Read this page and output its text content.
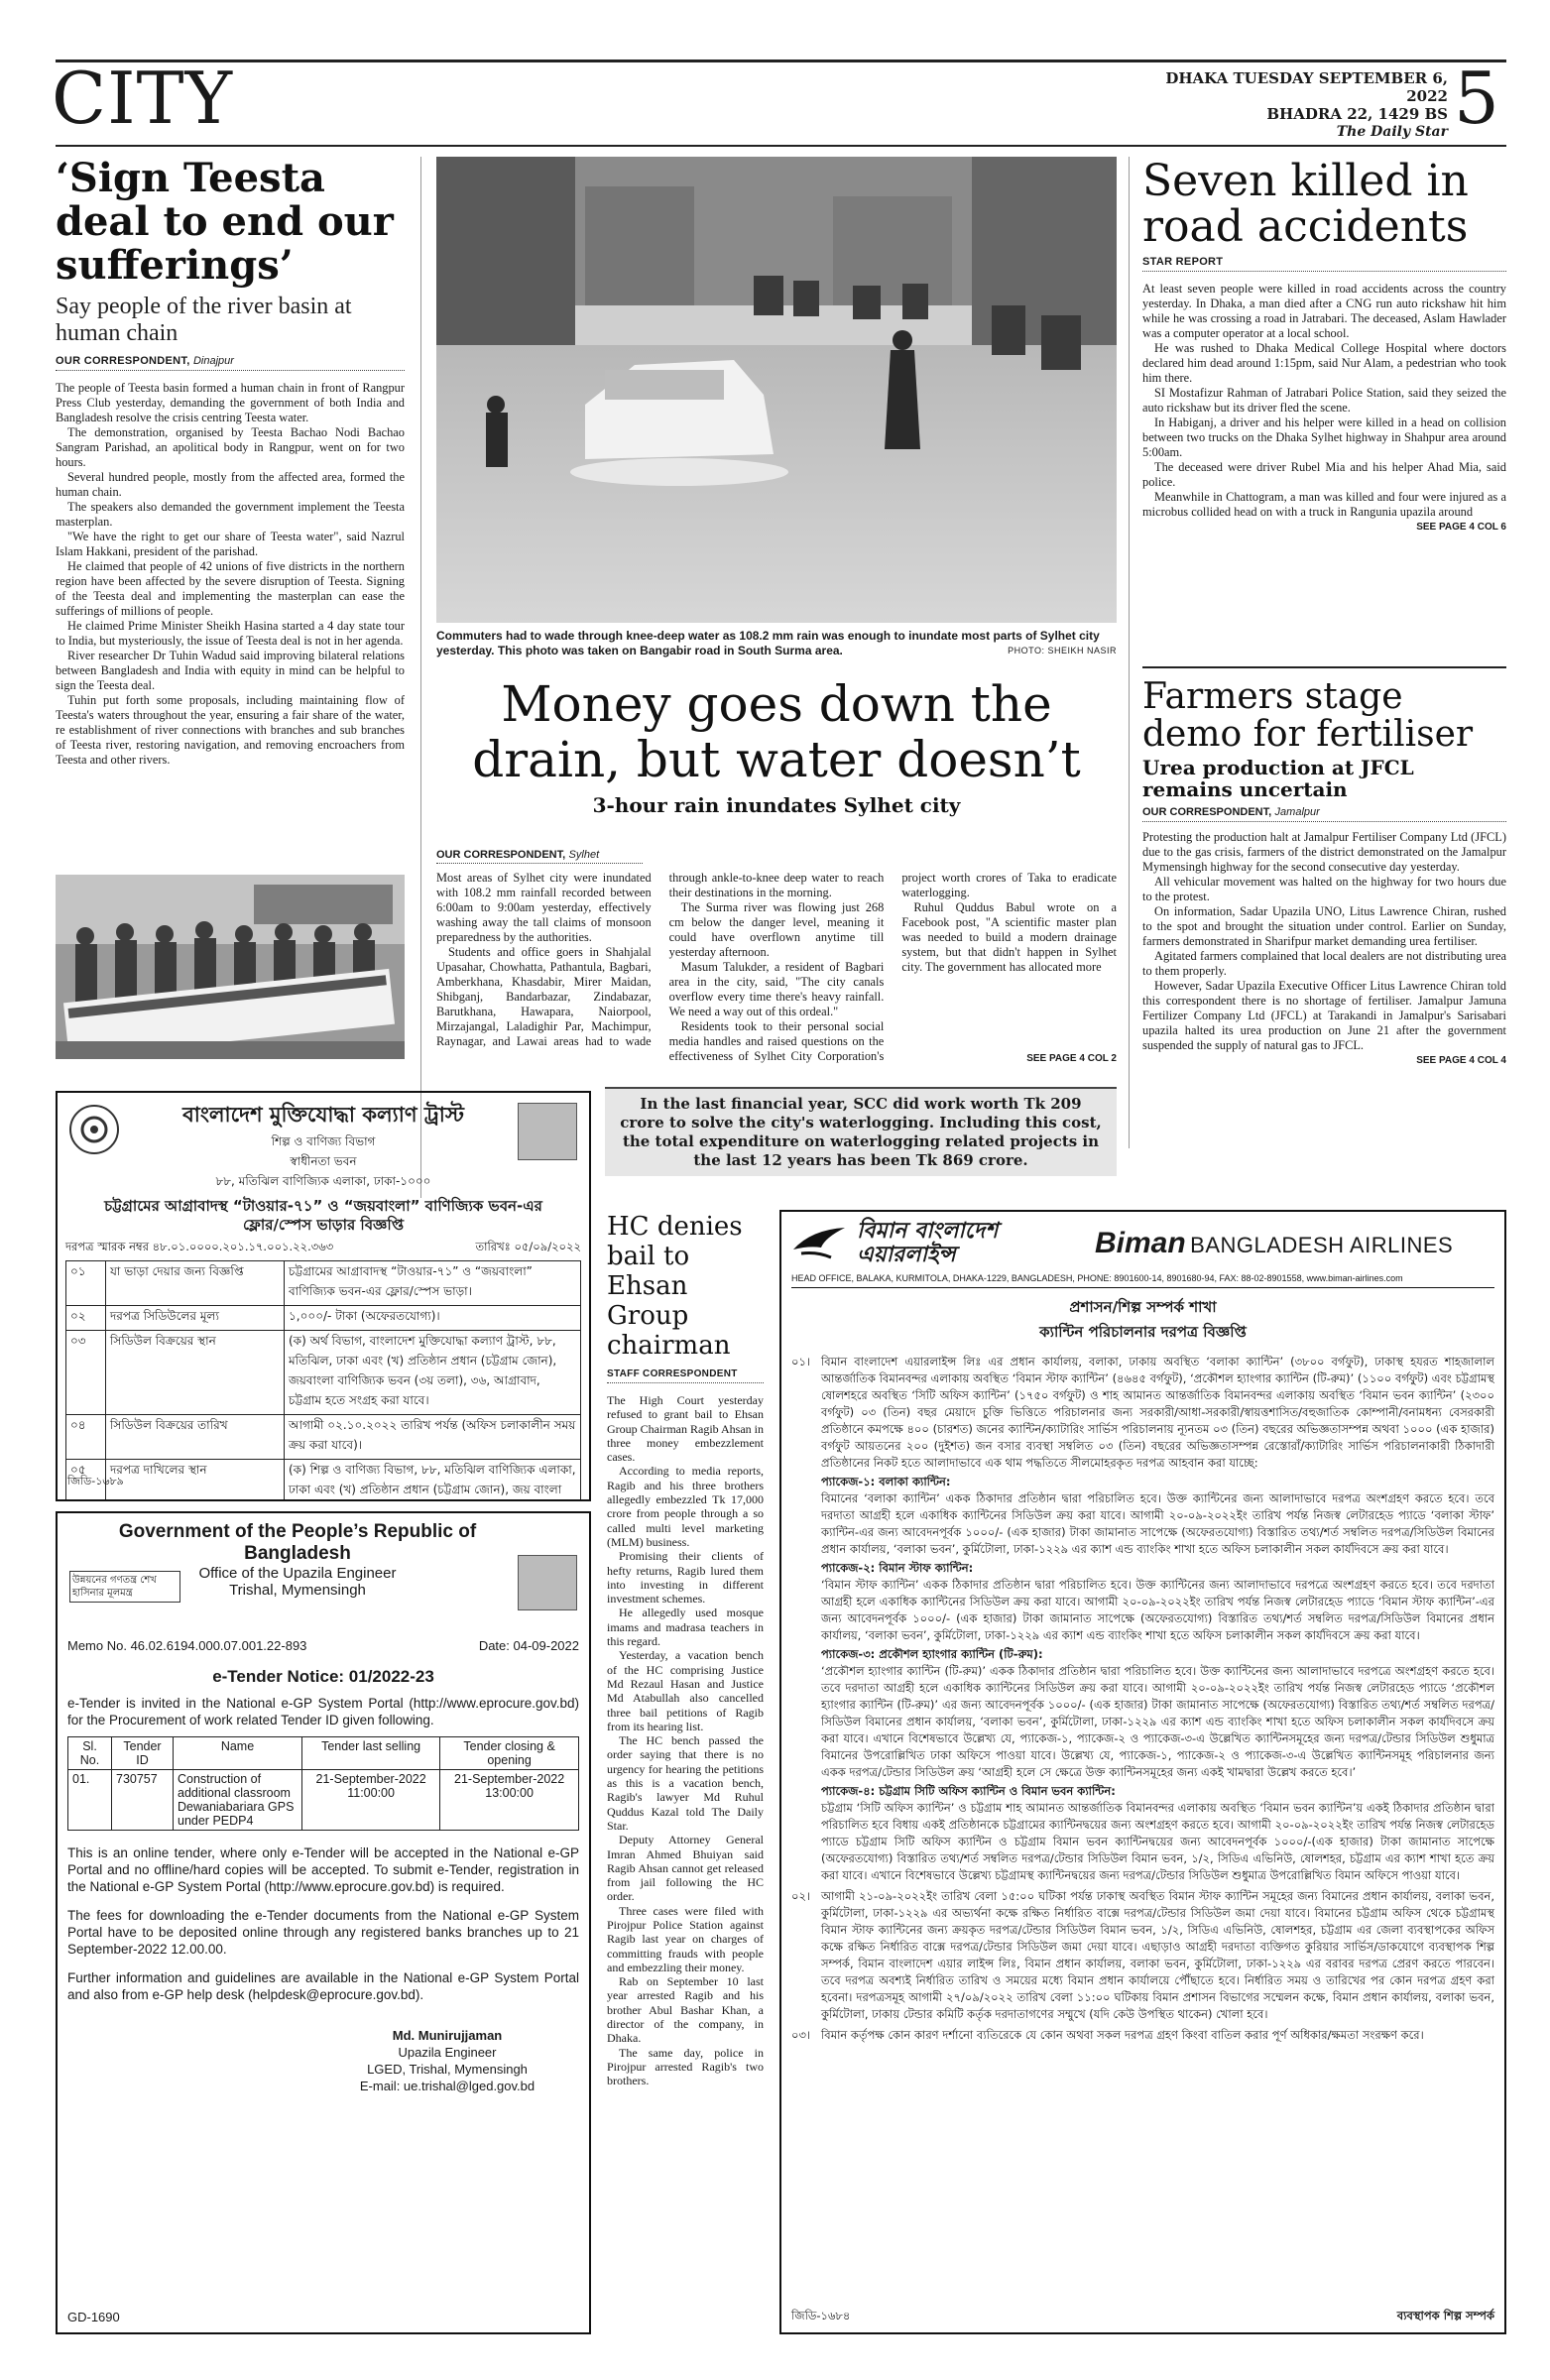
CITY	DHAKA TUESDAY SEPTEMBER 6, 2022
BHADRA 22, 1429 BS
The Daily Star 5
‘Sign Teesta deal to end our sufferings’
Say people of the river basin at human chain
OUR CORRESPONDENT, Dinajpur

The people of Teesta basin formed a human chain in front of Rangpur Press Club yesterday, demanding the government of both India and Bangladesh resolve the crisis centring Teesta water.

The demonstration, organised by Teesta Bachao Nodi Bachao Sangram Parishad, an apolitical body in Rangpur, went on for two hours.

Several hundred people, mostly from the affected area, formed the human chain.

The speakers also demanded the government implement the Teesta masterplan.

"We have the right to get our share of Teesta water", said Nazrul Islam Hakkani, president of the parishad.

He claimed that people of 42 unions of five districts in the northern region have been affected by the severe disruption of Teesta. Signing of the Teesta deal and implementing the masterplan can ease the sufferings of millions of people.

He claimed Prime Minister Sheikh Hasina started a 4 day state tour to India, but mysteriously, the issue of Teesta deal is not in her agenda.

River researcher Dr Tuhin Wadud said improving bilateral relations between Bangladesh and India with equity in mind can be helpful to sign the Teesta deal.

Tuhin put forth some proposals, including maintaining flow of Teesta's waters throughout the year, ensuring a fair share of the water, re establishment of river connections with branches and sub branches of Teesta river, restoring navigation, and removing encroachers from Teesta and other rivers.

Commuters had to wade through knee-deep water as 108.2 mm rain was enough to inundate most parts of Sylhet city yesterday. This photo was taken on Bangabir road in South Surma area.	PHOTO: SHEIKH NASIR
Money goes down the drain, but water doesn’t
3-hour rain inundates Sylhet city
OUR CORRESPONDENT, Sylhet

Most areas of Sylhet city were inundated with 108.2 mm rainfall recorded between 6:00am to 9:00am yesterday, effectively washing away the tall claims of monsoon preparedness by the authorities.

Students and office goers in Shahjalal Upasahar, Chowhatta, Pathantula, Bagbari, Amberkhana, Khasdabir, Mirer Maidan, Shibganj, Bandarbazar, Zindabazar, Barutkhana, Hawapara, Naiorpool, Mirzajangal, Laladighir Par, Machimpur, Raynagar, and Lawai areas had to wade through ankle-to-knee deep water to reach their destinations in the morning.

The Surma river was flowing just 268 cm below the danger level, meaning it could have overflown anytime till yesterday afternoon.

Masum Talukder, a resident of Bagbari area in the city, said, "The city canals overflow every time there's heavy rainfall. We need a way out of this ordeal."

Residents took to their personal social media handles and raised questions on the effectiveness of Sylhet City Corporation's project worth crores of Taka to eradicate waterlogging.

Ruhul Quddus Babul wrote on a Facebook post, "A scientific master plan was needed to build a modern drainage system, but that didn't happen in Sylhet city. The government has allocated more

SEE PAGE 4 COL 2
In the last financial year, SCC did work worth Tk 209 crore to solve the city's waterlogging. Including this cost, the total expenditure on waterlogging related projects in the last 12 years has been Tk 869 crore.
Seven killed in road accidents
STAR REPORT

At least seven people were killed in road accidents across the country yesterday. In Dhaka, a man died after a CNG run auto rickshaw hit him while he was crossing a road in Jatrabari. The deceased, Aslam Hawlader was a computer operator at a local school.

He was rushed to Dhaka Medical College Hospital where doctors declared him dead around 1:15pm, said Nur Alam, a pedestrian who took him there.

SI Mostafizur Rahman of Jatrabari Police Station, said they seized the auto rickshaw but its driver fled the scene.

In Habiganj, a driver and his helper were killed in a head on collision between two trucks on the Dhaka Sylhet highway in Shahpur area around 5:00am.

The deceased were driver Rubel Mia and his helper Ahad Mia, said police.

Meanwhile in Chattogram, a man was killed and four were injured as a microbus collided head on with a truck in Rangunia upazila around

SEE PAGE 4 COL 6
Farmers stage demo for fertiliser
Urea production at JFCL remains uncertain
OUR CORRESPONDENT, Jamalpur

Protesting the production halt at Jamalpur Fertiliser Company Ltd (JFCL) due to the gas crisis, farmers of the district demonstrated on the Jamalpur Mymensingh highway for the second consecutive day yesterday.

All vehicular movement was halted on the highway for two hours due to the protest.

On information, Sadar Upazila UNO, Litus Lawrence Chiran, rushed to the spot and brought the situation under control. Earlier on Sunday, farmers demonstrated in Sharifpur market demanding urea fertiliser.

Agitated farmers complained that local dealers are not distributing urea to them properly.

However, Sadar Upazila Executive Officer Litus Lawrence Chiran told this correspondent there is no shortage of fertiliser. Jamalpur Jamuna Fertilizer Company Ltd (JFCL) at Tarakandi in Jamalpur's Sarisabari upazila halted its urea production on June 21 after the government suspended the supply of natural gas to JFCL.

SEE PAGE 4 COL 4
বাংলাদেশ মুক্তিযোদ্ধা কল্যাণ ট্রাস্ট
শিল্প ও বাণিজ্য বিভাগ
স্বাধীনতা ভবন
৮৮, মতিঝিল বাণিজ্যিক এলাকা, ঢাকা-১০০০
চট্টগ্রামের আগ্রাবাদস্থ “টাওয়ার-৭১” ও “জয়বাংলা” বাণিজ্যিক ভবন-এর ফ্লোর/স্পেস ভাড়ার বিজ্ঞপ্তি
দরপত্র স্মারক নম্বর ৪৮.০১.০০০০.২০১.১৭.০০১.২২.৩৬৩	তারিখঃ ০৫/০৯/২০২২
০১	যা ভাড়া দেয়ার জন্য বিজ্ঞপ্তি	চট্টগ্রামের আগ্রাবাদস্থ “টাওয়ার-৭১” ও “জয়বাংলা” বাণিজ্যিক ভবন-এর ফ্লোর/স্পেস ভাড়া।
০২	দরপত্র সিডিউলের মূল্য	১,০০০/- টাকা (অফেরতযোগ্য)।
০৩	সিডিউল বিক্রয়ের স্থান	(ক) অর্থ বিভাগ, বাংলাদেশ মুক্তিযোদ্ধা কল্যাণ ট্রাস্ট, ৮৮, মতিঝিল, ঢাকা এবং (খ) প্রতিষ্ঠান প্রধান (চট্টগ্রাম জোন), জয়বাংলা বাণিজ্যিক ভবন (৩য় তলা), ৩৬, আগ্রাবাদ, চট্টগ্রাম হতে সংগ্রহ করা যাবে।
০৪	সিডিউল বিক্রয়ের তারিখ	আগামী ০২.১০.২০২২ তারিখ পর্যন্ত (অফিস চলাকালীন সময় ক্রয় করা যাবে)।
০৫	দরপত্র দাখিলের স্থান	(ক) শিল্প ও বাণিজ্য বিভাগ, ৮৮, মতিঝিল বাণিজ্যিক এলাকা, ঢাকা এবং (খ) প্রতিষ্ঠান প্রধান (চট্টগ্রাম জোন), জয় বাংলা

জিডি-১৬৮৯
Government of the People’s Republic of Bangladesh
Office of the Upazila Engineer
Trishal, Mymensingh
উন্নয়নের গণতন্ত্র শেখ হাসিনার মূলমন্ত্র
Memo No. 46.02.6194.000.07.001.22-893	Date: 04-09-2022
e-Tender Notice: 01/2022-23
e-Tender is invited in the National e-GP System Portal (http://www.eprocure.gov.bd) for the Procurement of work related Tender ID given following.
Sl. No.	Tender ID	Name	Tender last selling	Tender closing & opening
01.	730757	Construction of additional classroom Dewaniabariara GPS under PEDP4	21-September-2022 11:00:00	21-September-2022 13:00:00
This is an online tender, where only e-Tender will be accepted in the National e-GP Portal and no offline/hard copies will be accepted. To submit e-Tender, registration in the National e-GP System Portal (http://www.eprocure.gov.bd) is required.
The fees for downloading the e-Tender documents from the National e-GP System Portal have to be deposited online through any registered banks branches up to 21 September-2022 12.00.00.
Further information and guidelines are available in the National e-GP System Portal and also from e-GP help desk (helpdesk@eprocure.gov.bd).
Md. Munirujjaman
Upazila Engineer
LGED, Trishal, Mymensingh
E-mail: ue.trishal@lged.gov.bd
GD-1690
HC denies bail to Ehsan Group chairman
STAFF CORRESPONDENT

The High Court yesterday refused to grant bail to Ehsan Group Chairman Ragib Ahsan in three money embezzlement cases.

According to media reports, Ragib and his three brothers allegedly embezzled Tk 17,000 crore from people through a so called multi level marketing (MLM) business.

Promising their clients of hefty returns, Ragib lured them into investing in different investment schemes.

He allegedly used mosque imams and madrasa teachers in this regard.

Yesterday, a vacation bench of the HC comprising Justice Md Rezaul Hasan and Justice Md Atabullah also cancelled three bail petitions of Ragib from its hearing list.

The HC bench passed the order saying that there is no urgency for hearing the petitions as this is a vacation bench, Ragib's lawyer Md Ruhul Quddus Kazal told The Daily Star.

Deputy Attorney General Imran Ahmed Bhuiyan said Ragib Ahsan cannot get released from jail following the HC order.

Three cases were filed with Pirojpur Police Station against Ragib last year on charges of committing frauds with people and embezzling their money.

Rab on September 10 last year arrested Ragib and his brother Abul Bashar Khan, a director of the company, in Dhaka.

The same day, police in Pirojpur arrested Ragib's two brothers.

বিমান বাংলাদেশ এয়ারলাইন্স	Biman BANGLADESH AIRLINES
HEAD OFFICE, BALAKA, KURMITOLA, DHAKA-1229, BANGLADESH, PHONE: 8901600-14, 8901680-94, FAX: 88-02-8901558, www.biman-airlines.com
প্রশাসন/শিল্প সম্পর্ক শাখা
ক্যান্টিন পরিচালনার দরপত্র বিজ্ঞপ্তি
০১। বিমান বাংলাদেশ এয়ারলাইন্স লিঃ এর প্রধান কার্যালয়, বলাকা, ঢাকায় অবস্থিত ‘বলাকা ক্যান্টিন’ (৩৮০০ বর্গফুট), ঢাকাস্থ হযরত শাহজালাল আন্তর্জাতিক বিমানবন্দর এলাকায় অবস্থিত ‘বিমান স্টাফ ক্যান্টিন’ (৪৬৪৫ বর্গফুট), ‘প্রকৌশল হ্যাংগার ক্যান্টিন (টি-রুম)’ (১১০০ বর্গফুট) এবং চট্টগ্রামস্থ ষোলশহরে অবস্থিত ‘সিটি অফিস ক্যান্টিন’ (১৭৫০ বর্গফুট) ও শাহ আমানত আন্তর্জাতিক বিমানবন্দর এলাকায় অবস্থিত ‘বিমান ভবন ক্যান্টিন’ (২৩০০ বর্গফুট) ০৩ (তিন) বছর মেয়াদে চুক্তি ভিত্তিতে পরিচালনার জন্য সরকারী/আধা-সরকারী/স্বায়ত্তশাসিত/বহুজাতিক কোম্পানী/বনামধন্য বেসরকারী প্রতিষ্ঠানে কমপক্ষে ৪০০ (চারশত) জনের ক্যান্টিন/ক্যাটারিং সার্ভিস পরিচালনায় ন্যূনতম ০৩ (তিন) বছরের অভিজ্ঞতাসম্পন্ন অথবা ১০০০ (এক হাজার) বর্গফুট আয়তনের ২০০ (দুইশত) জন বসার ব্যবস্থা সম্বলিত ০৩ (তিন) বছরের অভিজ্ঞতাসম্পন্ন রেস্তোরাঁ/ক্যাটারিং সার্ভিস পরিচালনাকারী ঠিকাদারী প্রতিষ্ঠানের নিকট হতে আলাদাভাবে এক থাম পদ্ধতিতে সীলমোহরকৃত দরপত্র আহবান করা যাচ্ছে:
প্যাকেজ-১: বলাকা ক্যান্টিন:
বিমানের ‘বলাকা ক্যান্টিন’ একক ঠিকাদার প্রতিষ্ঠান দ্বারা পরিচালিত হবে। উক্ত ক্যান্টিনের জন্য আলাদাভাবে দরপত্র অংশগ্রহণ করতে হবে। তবে দরদাতা আগ্রহী হলে একাধিক ক্যান্টিনের সিডিউল ক্রয় করা যাবে। আগামী ২০-০৯-২০২২ইং তারিখ পর্যন্ত নিজস্ব লেটারহেড প্যাডে ‘বলাকা স্টাফ’ ক্যান্টিন-এর জন্য আবেদনপূর্বক ১০০০/- (এক হাজার) টাকা জামানাত সাপেক্ষে (অফেরতযোগ্য) বিস্তারিত তথ্য/শর্ত সম্বলিত দরপত্র/সিডিউল বিমানের প্রধান কার্যালয়, ‘বলাকা ভবন’, কুর্মিটোলা, ঢাকা-১২২৯ এর ক্যাশ এন্ড ব্যাংকিং শাখা হতে অফিস চলাকালীন সকল কার্যদিবসে ক্রয় করা যাবে।
প্যাকেজ-২: বিমান স্টাফ ক্যান্টিন:
‘বিমান স্টাফ ক্যান্টিন’ একক ঠিকাদার প্রতিষ্ঠান দ্বারা পরিচালিত হবে। উক্ত ক্যান্টিনের জন্য আলাদাভাবে দরপত্রে অংশগ্রহণ করতে হবে। তবে দরদাতা আগ্রহী হলে একাধিক ক্যান্টিনের সিডিউল ক্রয় করা যাবে। আগামী ২০-০৯-২০২২ইং তারিখ পর্যন্ত নিজস্ব লেটারহেড প্যাডে ‘বিমান স্টাফ ক্যান্টিন’-এর জন্য আবেদনপূর্বক ১০০০/- (এক হাজার) টাকা জামানাত সাপেক্ষে (অফেরতযোগ্য) বিস্তারিত তথ্য/শর্ত সম্বলিত দরপত্র/সিডিউল বিমানের প্রধান কার্যালয়, ‘বলাকা ভবন’, কুর্মিটোলা, ঢাকা-১২২৯ এর ক্যাশ এন্ড ব্যাংকিং শাখা হতে অফিস চলাকালীন সকল কার্যদিবসে ক্রয় করা যাবে।
প্যাকেজ-৩: প্রকৌশল হ্যাংগার ক্যান্টিন (টি-রুম):
‘প্রকৌশল হ্যাংগার ক্যান্টিন (টি-রুম)’ একক ঠিকাদার প্রতিষ্ঠান দ্বারা পরিচালিত হবে। উক্ত ক্যান্টিনের জন্য আলাদাভাবে দরপত্রে অংশগ্রহণ করতে হবে। তবে দরদাতা আগ্রহী হলে একাধিক ক্যান্টিনের সিডিউল ক্রয় করা যাবে। আগামী ২০-০৯-২০২২ইং তারিখ পর্যন্ত নিজস্ব লেটারহেড প্যাডে ‘প্রকৌশল হ্যাংগার ক্যান্টিন (টি-রুম)’ এর জন্য আবেদনপূর্বক ১০০০/- (এক হাজার) টাকা জামানাত সাপেক্ষে (অফেরতযোগ্য) বিস্তারিত তথ্য/শর্ত সম্বলিত দরপত্র/সিডিউল বিমানের প্রধান কার্যালয়, ‘বলাকা ভবন’, কুর্মিটোলা, ঢাকা-১২২৯ এর ক্যাশ এন্ড ব্যাংকিং শাখা হতে অফিস চলাকালীন সকল কার্যদিবসে ক্রয় করা যাবে। এখানে বিশেষভাবে উল্লেখ্য যে, প্যাকেজ-১, প্যাকেজ-২ ও প্যাকেজ-৩-এ উল্লেখিত ক্যান্টিনসমূহের জন্য দরপত্র/টেন্ডার সিডিউল শুধুমাত্র বিমানের উপরোল্লিখিত ঢাকা অফিসে পাওয়া যাবে। উল্লেখ্য যে, প্যাকেজ-১, প্যাকেজ-২ ও প্যাকেজ-৩-এ উল্লেখিত ক্যান্টিনসমূহ পরিচালনার জন্য একক দরপত্র/টেন্ডার সিডিউল ক্রয় ‘আগ্রহী হলে সে ক্ষেত্রে উক্ত ক্যান্টিনসমূহের জন্য একই খামদ্বারা উল্লেখ করতে হবে।’
প্যাকেজ-৪: চট্টগ্রাম সিটি অফিস ক্যান্টিন ও বিমান ভবন ক্যান্টিন:
চট্টগ্রাম ‘সিটি অফিস ক্যান্টিন’ ও চট্টগ্রাম শাহ আমানত আন্তর্জাতিক বিমানবন্দর এলাকায় অবস্থিত ‘বিমান ভবন ক্যান্টিন’য় একই ঠিকাদার প্রতিষ্ঠান দ্বারা পরিচালিত হবে বিধায় একই প্রতিষ্ঠানকে চট্টগ্রামের ক্যান্টিনদ্বয়ের জন্য অংশগ্রহণ করতে হবে। আগামী ২০-০৯-২০২২ইং তারিখ পর্যন্ত নিজস্ব লেটারহেড প্যাডে চট্টগ্রাম সিটি অফিস ক্যান্টিন ও চট্টগ্রাম বিমান ভবন ক্যান্টিনদ্বয়ের জন্য আবেদনপূর্বক ১০০০/-(এক হাজার) টাকা জামানাত সাপেক্ষে (অফেরতযোগ্য) বিস্তারিত তথ্য/শর্ত সম্বলিত দরপত্র/টেন্ডার সিডিউল বিমান ভবন, ১/২, সিডিএ এভিনিউ, ষোলশহর, চট্টগ্রাম এর ক্যাশ শাখা হতে ক্রয় করা যাবে। এখানে বিশেষভাবে উল্লেখ্য চট্টগ্রামস্থ ক্যান্টিনদ্বয়ের জন্য দরপত্র/টেন্ডার সিডিউল শুধুমাত্র উপরোল্লিখিত বিমান অফিসে পাওয়া যাবে।
০২। আগামী ২১-০৯-২০২২ইং তারিখ বেলা ১৫:০০ ঘটিকা পর্যন্ত ঢাকাস্থ অবস্থিত বিমান স্টাফ ক্যান্টিন সমূহের জন্য বিমানের প্রধান কার্যালয়, বলাকা ভবন, কুর্মিটোলা, ঢাকা-১২২৯ এর অভ্যর্থনা কক্ষে রক্ষিত নির্ধারিত বাক্সে দরপত্র/টেন্ডার সিডিউল জমা দেয়া যাবে। বিমানের চট্টগ্রাম অফিস থেকে চট্টগ্রামস্থ বিমান স্টাফ ক্যান্টিনের জন্য ক্রয়কৃত দরপত্র/টেন্ডার সিডিউল বিমান ভবন, ১/২, সিডিএ এভিনিউ, ষোলশহর, চট্টগ্রাম এর জেলা ব্যবস্থাপকের অফিস কক্ষে রক্ষিত নির্ধারিত বাক্সে দরপত্র/টেন্ডার সিডিউল জমা দেয়া যাবে। এছাড়াও আগ্রহী দরদাতা ব্যক্তিগত কুরিয়ার সার্ভিস/ডাকযোগে ব্যবস্থাপক শিল্প সম্পর্ক, বিমান বাংলাদেশ এয়ার লাইন্স লিঃ, বিমান প্রধান কার্যালয়, বলাকা ভবন, কুর্মিটোলা, ঢাকা-১২২৯ এর বরাবর দরপত্র প্রেরণ করতে পারবেন। তবে দরপত্র অবশ্যই নির্ধারিত তারিখ ও সময়ের মধ্যে বিমান প্রধান কার্যালয়ে পৌঁছাতে হবে। নির্ধারিত সময় ও তারিখের পর কোন দরপত্র গ্রহণ করা হবেনা। দরপত্রসমূহ আগামী ২৭/০৯/২০২২ তারিখ বেলা ১১:০০ ঘটিকায় বিমান প্রশাসন বিভাগের সম্মেলন কক্ষে, বিমান প্রধান কার্যালয়, বলাকা ভবন, কুর্মিটোলা, ঢাকায় টেন্ডার কমিটি কর্তৃক দরদাতাগণের সম্মুখে (যদি কেউ উপস্থিত থাকেন) খোলা হবে।
০৩। বিমান কর্তৃপক্ষ কোন কারণ দর্শানো ব্যতিরেকে যে কোন অথবা সকল দরপত্র গ্রহণ কিংবা বাতিল করার পূর্ণ অধিকার/ক্ষমতা সংরক্ষণ করে।
জিডি-১৬৮৪	ব্যবস্থাপক শিল্প সম্পর্ক
